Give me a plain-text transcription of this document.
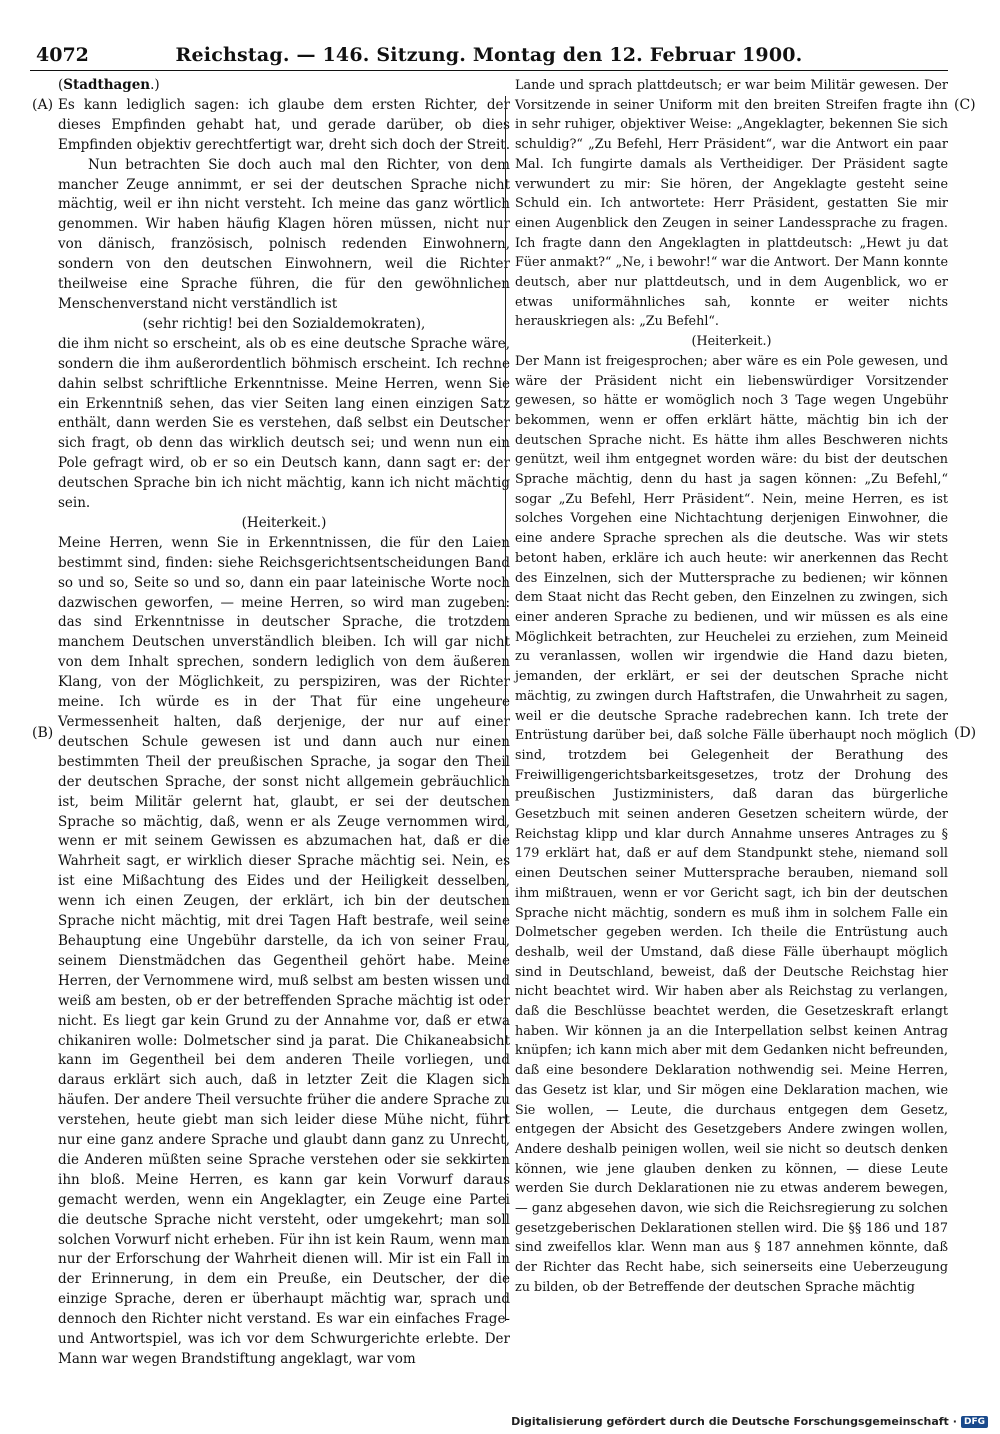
4072	Reichstag. — 146. Sitzung. Montag den 12. Februar 1900.
(A)
(B)
(C)
(D)

( Stadthagen .)

Es kann lediglich sagen: ich glaube dem ersten Richter, der dieses Empfinden gehabt hat, und gerade darüber, ob dies Empfinden objektiv gerechtfertigt war, dreht sich doch der Streit.

Nun betrachten Sie doch auch mal den Richter, von dem mancher Zeuge annimmt, er sei der deutschen Sprache nicht mächtig, weil er ihn nicht versteht. Ich meine das ganz wörtlich genommen. Wir haben häufig Klagen hören müssen, nicht nur von dänisch, französisch, polnisch redenden Einwohnern, sondern von den deutschen Einwohnern, weil die Richter theilweise eine Sprache führen, die für den gewöhnlichen Menschenverstand nicht verständlich ist

(sehr richtig! bei den Sozialdemokraten),

die ihm nicht so erscheint, als ob es eine deutsche Sprache wäre, sondern die ihm außerordentlich böhmisch erscheint. Ich rechne dahin selbst schriftliche Erkenntnisse. Meine Herren, wenn Sie ein Erkenntniß sehen, das vier Seiten lang einen einzigen Satz enthält, dann werden Sie es verstehen, daß selbst ein Deutscher sich fragt, ob denn das wirklich deutsch sei; und wenn nun ein Pole gefragt wird, ob er so ein Deutsch kann, dann sagt er: der deutschen Sprache bin ich nicht mächtig, kann ich nicht mächtig sein.

(Heiterkeit.)

Meine Herren, wenn Sie in Erkenntnissen, die für den Laien bestimmt sind, finden: siehe Reichsgerichtsentscheidungen Band so und so, Seite so und so, dann ein paar lateinische Worte noch dazwischen geworfen, — meine Herren, so wird man zugeben: das sind Erkenntnisse in deutscher Sprache, die trotzdem manchem Deutschen unverständlich bleiben. Ich will gar nicht von dem Inhalt sprechen, sondern lediglich von dem äußeren Klang, von der Möglichkeit, zu perspiziren, was der Richter meine. Ich würde es in der That für eine ungeheure Vermessenheit halten, daß derjenige, der nur auf einer deutschen Schule gewesen ist und dann auch nur einen bestimmten Theil der preußischen Sprache, ja sogar den Theil der deutschen Sprache, der sonst nicht allgemein gebräuchlich ist, beim Militär gelernt hat, glaubt, er sei der deutschen Sprache so mächtig, daß, wenn er als Zeuge vernommen wird, wenn er mit seinem Gewissen es abzumachen hat, daß er die Wahrheit sagt, er wirklich dieser Sprache mächtig sei. Nein, es ist eine Mißachtung des Eides und der Heiligkeit desselben, wenn ich einen Zeugen, der erklärt, ich bin der deutschen Sprache nicht mächtig, mit drei Tagen Haft bestrafe, weil seine Behauptung eine Ungebühr darstelle, da ich von seiner Frau, seinem Dienstmädchen das Gegentheil gehört habe. Meine Herren, der Vernommene wird, muß selbst am besten wissen und weiß am besten, ob er der betreffenden Sprache mächtig ist oder nicht. Es liegt gar kein Grund zu der Annahme vor, daß er etwa chikaniren wolle: Dolmetscher sind ja parat. Die Chikaneabsicht kann im Gegentheil bei dem anderen Theile vorliegen, und daraus erklärt sich auch, daß in letzter Zeit die Klagen sich häufen. Der andere Theil versuchte früher die andere Sprache zu verstehen, heute giebt man sich leider diese Mühe nicht, führt nur eine ganz andere Sprache und glaubt dann ganz zu Unrecht, die Anderen müßten seine Sprache verstehen oder sie sekkirten ihn bloß. Meine Herren, es kann gar kein Vorwurf daraus gemacht werden, wenn ein Angeklagter, ein Zeuge eine Partei die deutsche Sprache nicht versteht, oder umgekehrt; man soll solchen Vorwurf nicht erheben. Für ihn ist kein Raum, wenn man nur der Erforschung der Wahrheit dienen will. Mir ist ein Fall in der Erinnerung, in dem ein Preuße, ein Deutscher, der die einzige Sprache, deren er überhaupt mächtig war, sprach und dennoch den Richter nicht verstand. Es war ein einfaches Frage- und Antwortspiel, was ich vor dem Schwurgerichte erlebte. Der Mann war wegen Brandstiftung angeklagt, war vom

Lande und sprach plattdeutsch; er war beim Militär gewesen. Der Vorsitzende in seiner Uniform mit den breiten Streifen fragte ihn in sehr ruhiger, objektiver Weise: „Angeklagter, bekennen Sie sich schuldig?“ „Zu Befehl, Herr Präsident“, war die Antwort ein paar Mal. Ich fungirte damals als Vertheidiger. Der Präsident sagte verwundert zu mir: Sie hören, der Angeklagte gesteht seine Schuld ein. Ich antwortete: Herr Präsident, gestatten Sie mir einen Augenblick den Zeugen in seiner Landessprache zu fragen. Ich fragte dann den Angeklagten in plattdeutsch: „Hewt ju dat Füer anmakt?“ „Ne, i bewohr!“ war die Antwort. Der Mann konnte deutsch, aber nur plattdeutsch, und in dem Augenblick, wo er etwas uniformähnliches sah, konnte er weiter nichts herauskriegen als: „Zu Befehl“.

(Heiterkeit.)

Der Mann ist freigesprochen; aber wäre es ein Pole gewesen, und wäre der Präsident nicht ein liebenswürdiger Vorsitzender gewesen, so hätte er womöglich noch 3 Tage wegen Ungebühr bekommen, wenn er offen erklärt hätte, mächtig bin ich der deutschen Sprache nicht. Es hätte ihm alles Beschweren nichts genützt, weil ihm entgegnet worden wäre: du bist der deutschen Sprache mächtig, denn du hast ja sagen können: „Zu Befehl,“ sogar „Zu Befehl, Herr Präsident“. Nein, meine Herren, es ist solches Vorgehen eine Nichtachtung derjenigen Einwohner, die eine andere Sprache sprechen als die deutsche. Was wir stets betont haben, erkläre ich auch heute: wir anerkennen das Recht des Einzelnen, sich der Muttersprache zu bedienen; wir können dem Staat nicht das Recht geben, den Einzelnen zu zwingen, sich einer anderen Sprache zu bedienen, und wir müssen es als eine Möglichkeit betrachten, zur Heuchelei zu erziehen, zum Meineid zu veranlassen, wollen wir irgendwie die Hand dazu bieten, jemanden, der erklärt, er sei der deutschen Sprache nicht mächtig, zu zwingen durch Haftstrafen, die Unwahrheit zu sagen, weil er die deutsche Sprache radebrechen kann. Ich trete der Entrüstung darüber bei, daß solche Fälle überhaupt noch möglich sind, trotzdem bei Gelegenheit der Berathung des Freiwilligengerichtsbarkeitsgesetzes, trotz der Drohung des preußischen Justizministers, daß daran das bürgerliche Gesetzbuch mit seinen anderen Gesetzen scheitern würde, der Reichstag klipp und klar durch Annahme unseres Antrages zu § 179 erklärt hat, daß er auf dem Standpunkt stehe, niemand soll einen Deutschen seiner Muttersprache berauben, niemand soll ihm mißtrauen, wenn er vor Gericht sagt, ich bin der deutschen Sprache nicht mächtig, sondern es muß ihm in solchem Falle ein Dolmetscher gegeben werden. Ich theile die Entrüstung auch deshalb, weil der Umstand, daß diese Fälle überhaupt möglich sind in Deutschland, beweist, daß der Deutsche Reichstag hier nicht beachtet wird. Wir haben aber als Reichstag zu verlangen, daß die Beschlüsse beachtet werden, die Gesetzeskraft erlangt haben. Wir können ja an die Interpellation selbst keinen Antrag knüpfen; ich kann mich aber mit dem Gedanken nicht befreunden, daß eine besondere Deklaration nothwendig sei. Meine Herren, das Gesetz ist klar, und Sir mögen eine Deklaration machen, wie Sie wollen, — Leute, die durchaus entgegen dem Gesetz, entgegen der Absicht des Gesetzgebers Andere zwingen wollen, Andere deshalb peinigen wollen, weil sie nicht so deutsch denken können, wie jene glauben denken zu können, — diese Leute werden Sie durch Deklarationen nie zu etwas anderem bewegen, — ganz abgesehen davon, wie sich die Reichsregierung zu solchen gesetzgeberischen Deklarationen stellen wird. Die §§ 186 und 187 sind zweifellos klar. Wenn man aus § 187 annehmen könnte, daß der Richter das Recht habe, sich seinerseits eine Ueberzeugung zu bilden, ob der Betreffende der deutschen Sprache mächtig

Digitalisierung gefördert durch die Deutsche Forschungsgemeinschaft · DFG
